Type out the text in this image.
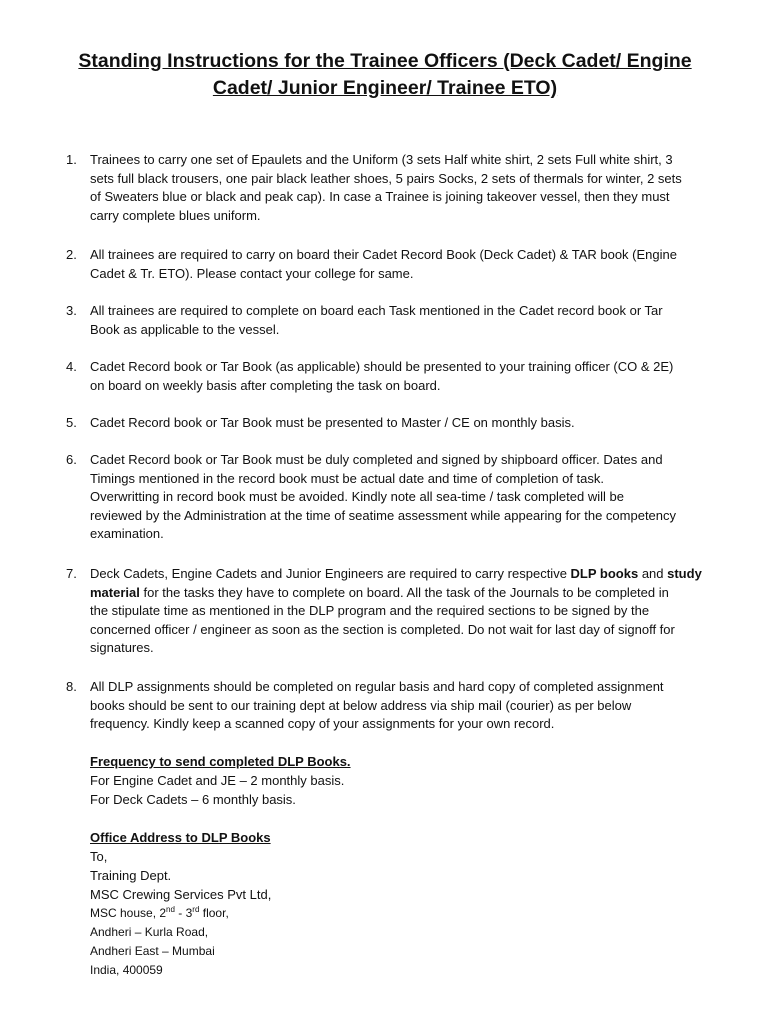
Standing Instructions for the Trainee Officers (Deck Cadet/ Engine
Cadet/ Junior Engineer/ Trainee ETO)
1. Trainees to carry one set of Epaulets and the Uniform (3 sets Half white shirt, 2 sets Full white shirt, 3
sets full black trousers, one pair black leather shoes, 5 pairs Socks, 2 sets of thermals for winter, 2 sets
of Sweaters blue or black and peak cap). In case a Trainee is joining takeover vessel, then they must
carry complete blues uniform.
2. All trainees are required to carry on board their Cadet Record Book (Deck Cadet) & TAR book (Engine
Cadet & Tr. ETO). Please contact your college for same.
3. All trainees are required to complete on board each Task mentioned in the Cadet record book or Tar
Book as applicable to the vessel.
4. Cadet Record book or Tar Book (as applicable) should be presented to your training officer (CO & 2E)
on board on weekly basis after completing the task on board.
5. Cadet Record book or Tar Book must be presented to Master / CE on monthly basis.
6. Cadet Record book or Tar Book must be duly completed and signed by shipboard officer. Dates and
Timings mentioned in the record book must be actual date and time of completion of task.
Overwritting in record book must be avoided. Kindly note all sea-time / task completed will be
reviewed by the Administration at the time of seatime assessment while appearing for the competency
examination.
7. Deck Cadets, Engine Cadets and Junior Engineers are required to carry respective DLP books and study
material for the tasks they have to complete on board. All the task of the Journals to be completed in
the stipulate time as mentioned in the DLP program and the required sections to be signed by the
concerned officer / engineer as soon as the section is completed. Do not wait for last day of signoff for
signatures.
8. All DLP assignments should be completed on regular basis and hard copy of completed assignment
books should be sent to our training dept at below address via ship mail (courier) as per below
frequency. Kindly keep a scanned copy of your assignments for your own record.
Frequency to send completed DLP Books.
For Engine Cadet and JE – 2 monthly basis.
For Deck Cadets – 6 monthly basis.
Office Address to DLP Books
To,
Training Dept.
MSC Crewing Services Pvt Ltd,
MSC house, 2nd - 3rd floor,
Andheri – Kurla Road,
Andheri East – Mumbai
India, 400059
